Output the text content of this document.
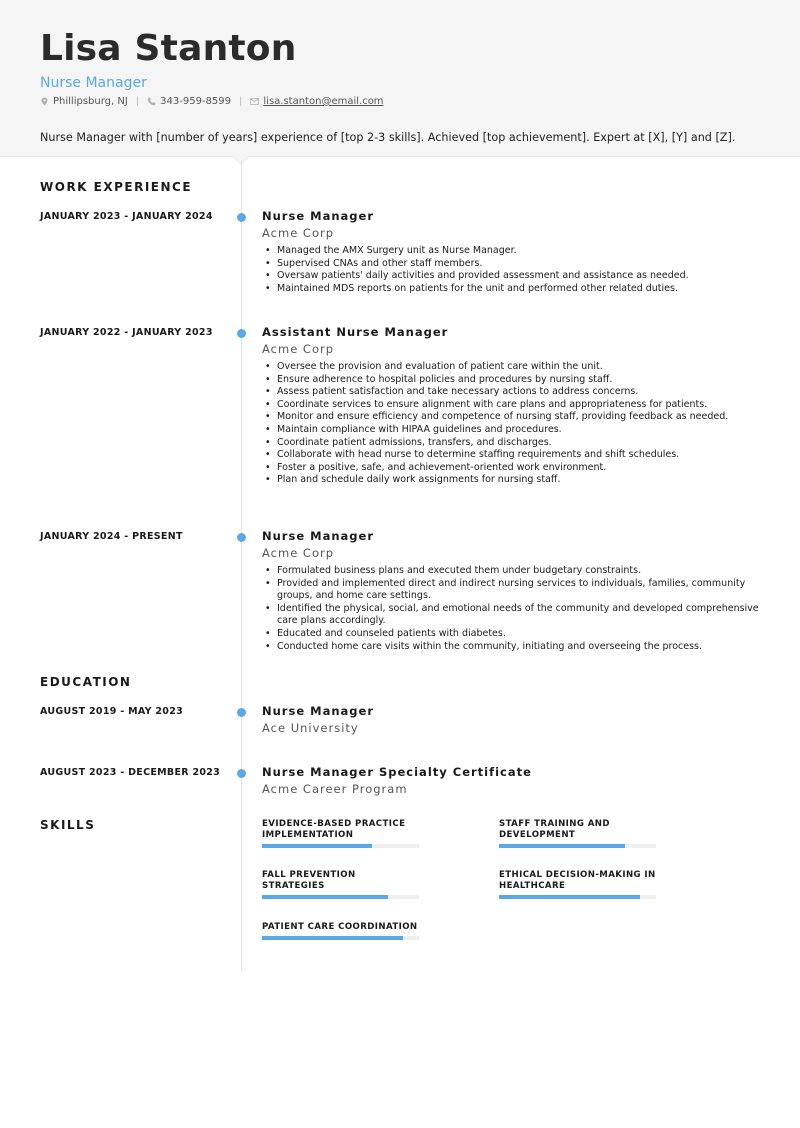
Lisa Stanton
Nurse Manager
Phillipsburg, NJ | 343-959-8599 | lisa.stanton@email.com
Nurse Manager with [number of years] experience of [top 2-3 skills]. Achieved [top achievement]. Expert at [X], [Y] and [Z].
WORK EXPERIENCE
JANUARY 2023 - JANUARY 2024	Nurse Manager
Acme Corp
• Managed the AMX Surgery unit as Nurse Manager.
• Supervised CNAs and other staff members.
• Oversaw patients' daily activities and provided assessment and assistance as needed.
• Maintained MDS reports on patients for the unit and performed other related duties.
JANUARY 2022 - JANUARY 2023	Assistant Nurse Manager
Acme Corp
• Oversee the provision and evaluation of patient care within the unit.
• Ensure adherence to hospital policies and procedures by nursing staff.
• Assess patient satisfaction and take necessary actions to address concerns.
• Coordinate services to ensure alignment with care plans and appropriateness for patients.
• Monitor and ensure efficiency and competence of nursing staff, providing feedback as needed.
• Maintain compliance with HIPAA guidelines and procedures.
• Coordinate patient admissions, transfers, and discharges.
• Collaborate with head nurse to determine staffing requirements and shift schedules.
• Foster a positive, safe, and achievement-oriented work environment.
• Plan and schedule daily work assignments for nursing staff.
JANUARY 2024 - PRESENT	Nurse Manager
Acme Corp
• Formulated business plans and executed them under budgetary constraints.
• Provided and implemented direct and indirect nursing services to individuals, families, community groups, and home care settings.
• Identified the physical, social, and emotional needs of the community and developed comprehensive care plans accordingly.
• Educated and counseled patients with diabetes.
• Conducted home care visits within the community, initiating and overseeing the process.
EDUCATION
AUGUST 2019 - MAY 2023	Nurse Manager
Ace University
AUGUST 2023 - DECEMBER 2023	Nurse Manager Specialty Certificate
Acme Career Program
SKILLS	EVIDENCE-BASED PRACTICE IMPLEMENTATION
STAFF TRAINING AND DEVELOPMENT
FALL PREVENTION STRATEGIES
ETHICAL DECISION-MAKING IN HEALTHCARE
PATIENT CARE COORDINATION
